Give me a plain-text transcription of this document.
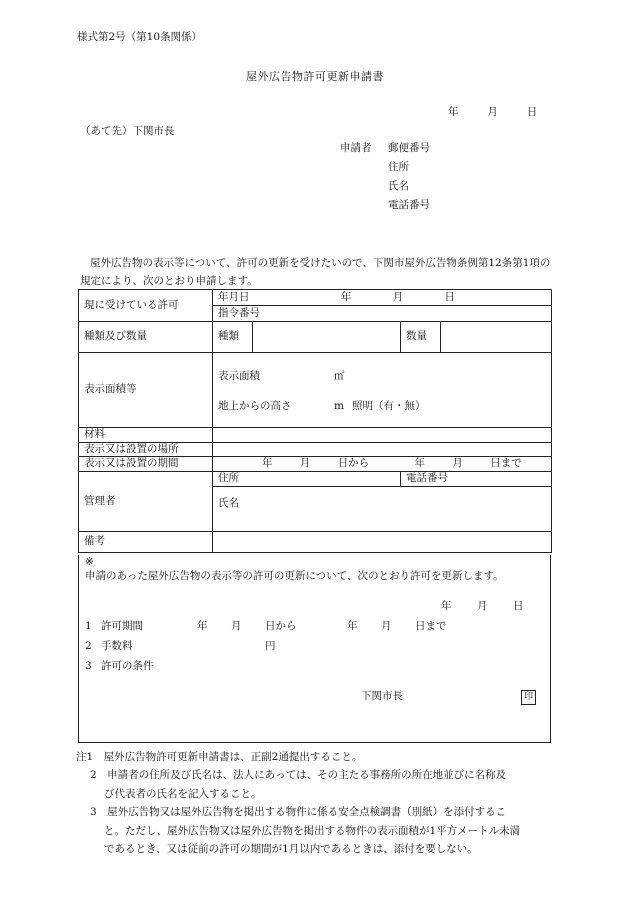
様式第2号（第10条関係）
屋外広告物許可更新申請書
年	月	日
（あて先）下関市長
申請者 郵便番号
住所
氏名
電話番号
屋外広告物の表示等について、許可の更新を受けたいので、下関市屋外広告物条例第12条第1項の規定により、次のとおり申請します。
現に受けている許可	年月日 年 月 日			
	指令番号			
種類及び数量	種類		数量	
表示面積等	表示面積 ㎡
地上からの高さ m 照明（有・無）			

材料				
表示又は設置の場所				
表示又は設置の期間	年 月 日から 年 月 日まで			
管理者	住所		電話番号	
	氏名			
備考				
※
申請のあった屋外広告物の表示等の許可の更新について、次のとおり許可を更新します。
年 月 日
1 許可期間	年 月 日から	年 月 日まで
2 手数料	円
3 許可の条件
下関市長	印
注1　屋外広告物許可更新申請書は、正副2通提出すること。
2　申請者の住所及び氏名は、法人にあっては、その主たる事務所の所在地並びに名称及
び代表者の氏名を記入すること。
3　屋外広告物又は屋外広告物を掲出する物件に係る安全点検調書（別紙）を添付するこ
と。ただし、屋外広告物又は屋外広告物を掲出する物件の表示面積が1平方メートル未満
であるとき、又は従前の許可の期間が1月以内であるときは、添付を要しない。
